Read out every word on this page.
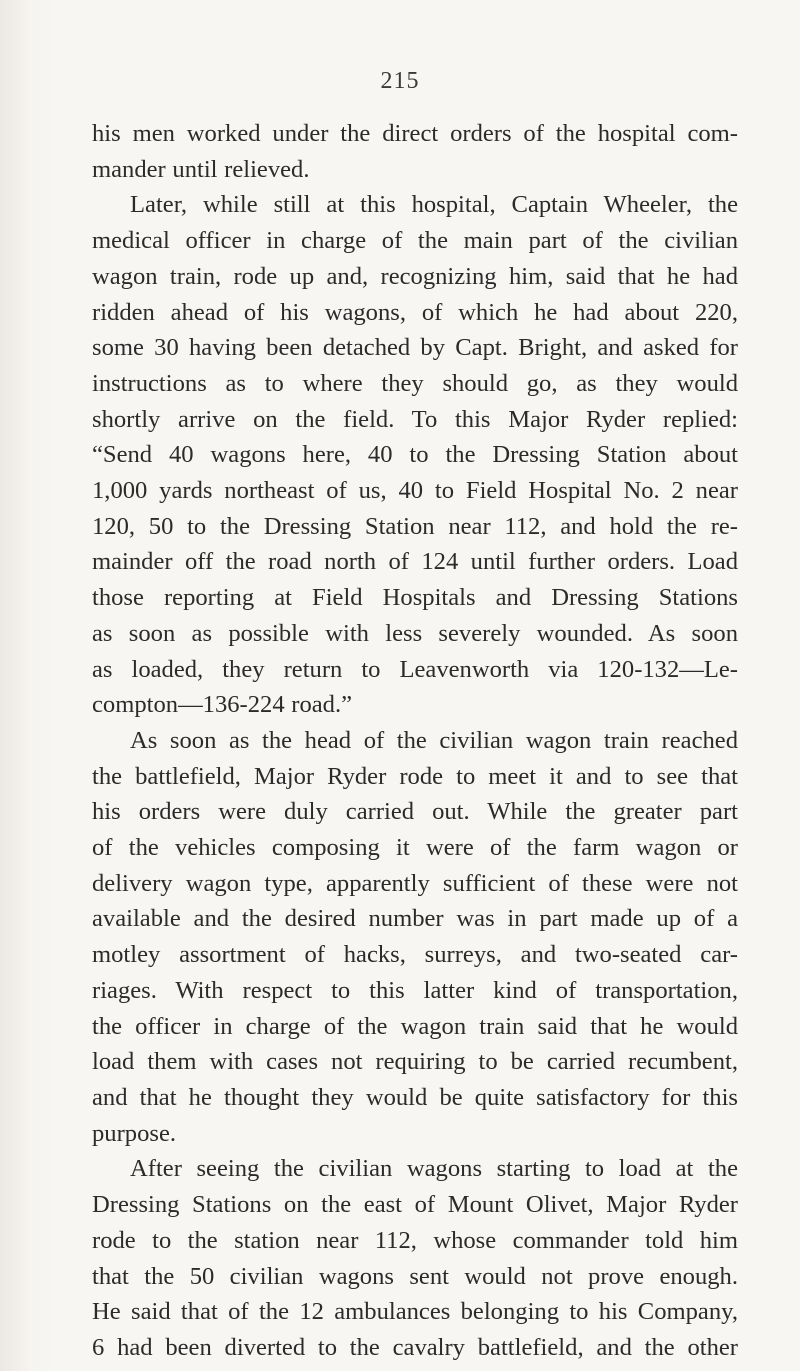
215
his men worked under the direct orders of the hospital com-
mander until relieved.
Later, while still at this hospital, Captain Wheeler, the
medical officer in charge of the main part of the civilian
wagon train, rode up and, recognizing him, said that he had
ridden ahead of his wagons, of which he had about 220,
some 30 having been detached by Capt. Bright, and asked for
instructions as to where they should go, as they would
shortly arrive on the field. To this Major Ryder replied:
“Send 40 wagons here, 40 to the Dressing Station about
1,000 yards northeast of us, 40 to Field Hospital No. 2 near
120, 50 to the Dressing Station near 112, and hold the re-
mainder off the road north of 124 until further orders. Load
those reporting at Field Hospitals and Dressing Stations
as soon as possible with less severely wounded. As soon
as loaded, they return to Leavenworth via 120-132—Le-
compton—136-224 road.”
As soon as the head of the civilian wagon train reached
the battlefield, Major Ryder rode to meet it and to see that
his orders were duly carried out. While the greater part
of the vehicles composing it were of the farm wagon or
delivery wagon type, apparently sufficient of these were not
available and the desired number was in part made up of a
motley assortment of hacks, surreys, and two-seated car-
riages. With respect to this latter kind of transportation,
the officer in charge of the wagon train said that he would
load them with cases not requiring to be carried recumbent,
and that he thought they would be quite satisfactory for this
purpose.
After seeing the civilian wagons starting to load at the
Dressing Stations on the east of Mount Olivet, Major Ryder
rode to the station near 112, whose commander told him
that the 50 civilian wagons sent would not prove enough.
He said that of the 12 ambulances belonging to his Company,
6 had been diverted to the cavalry battlefield, and the other
